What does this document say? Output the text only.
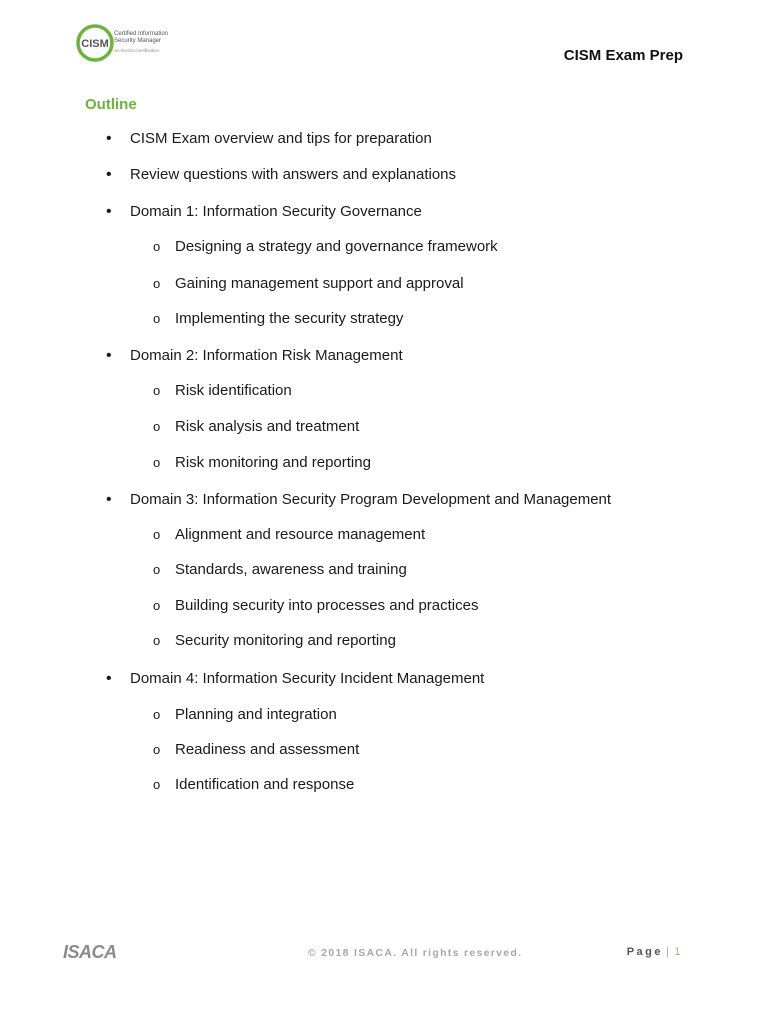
CISM
Certified Information Security Manager
An ISACA Certification	CISM Exam Prep
Outline
• CISM Exam overview and tips for preparation
• Review questions with answers and explanations
• Domain 1: Information Security Governance
o Designing a strategy and governance framework
o Gaining management support and approval
o Implementing the security strategy
• Domain 2: Information Risk Management
o Risk identification
o Risk analysis and treatment
o Risk monitoring and reporting
• Domain 3: Information Security Program Development and Management
o Alignment and resource management
o Standards, awareness and training
o Building security into processes and practices
o Security monitoring and reporting
• Domain 4: Information Security Incident Management
o Planning and integration
o Readiness and assessment
o Identification and response
ISACA	© 2018 ISACA. All rights reserved.	Page | 1
